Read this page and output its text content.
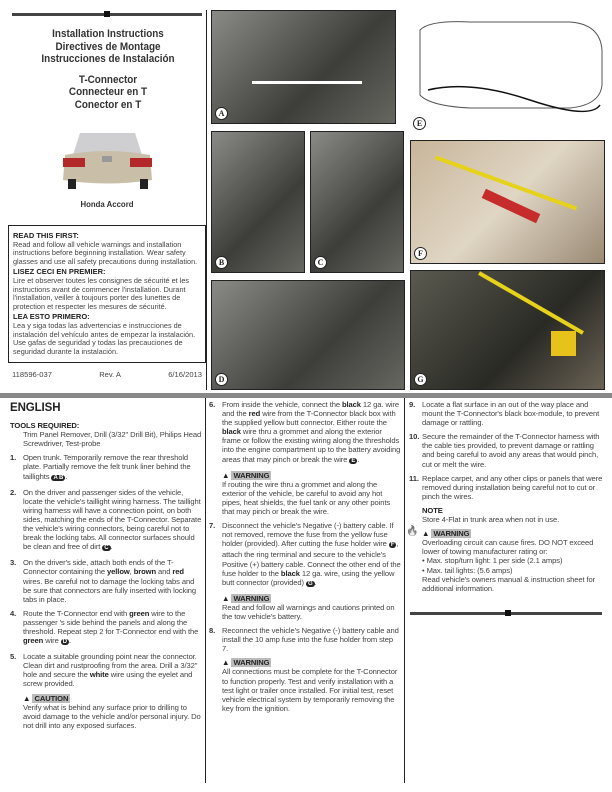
Installation Instructions
Directives de Montage
Instrucciones de Instalación
T-Connector
Connecteur en T
Conector en T
Honda Accord
READ THIS FIRST:
Read and follow all vehicle warnings and installation instructions before beginning installation. Wear safety glasses and use all safety precautions during installation.
LISEZ CECI EN PREMIER:
Lire et observer toutes les consignes de sécurité et les instructions avant de commencer l'installation. Durant l'installation, veiller à toujours porter des lunettes de protection et respecter les mesures de sécurité.
LEA ESTO PRIMERO:
Lea y siga todas las advertencias e instrucciones de instalación del vehículo antes de empezar la instalación. Use gafas de seguridad y todas las precauciones de seguridad durante la instalación.
118596-037	Rev. A	6/16/2013
A
E
B	C
F
D	G
ENGLISH
TOOLS REQUIRED:
Trim Panel Remover, Drill (3/32" Drill Bit), Philips Head Screwdriver, Test-probe
1. Open trunk. Temporarily remove the rear threshold plate. Partially remove the felt trunk liner behind the taillights A B .
2. On the driver and passenger sides of the vehicle, locate the vehicle's taillight wiring harness. The taillight wiring harness will have a connection point, on both sides, matching the ends of the T-Connector. Separate the vehicle's wiring connectors, being careful not to break the locking tabs. All connector surfaces should be clean and free of dirt C .
3. On the driver's side, attach both ends of the T-Connector containing the yellow, brown and red wires. Be careful not to damage the locking tabs and be sure that connectors are fully inserted with locking tabs in place.
4. Route the T-Connector end with green wire to the passenger 's side behind the panels and along the threshold. Repeat step 2 for T-Connector end with the green wire D .
5. Locate a suitable grounding point near the connector. Clean dirt and rustproofing from the area. Drill a 3/32" hole and secure the white wire using the eyelet and screw provided.
▲ CAUTION
Verify what is behind any surface prior to drilling to avoid damage to the vehicle and/or personal injury. Do not drill into any exposed surfaces.
6. From inside the vehicle, connect the black 12 ga. wire and the red wire from the T-Connector black box with the supplied yellow butt connector. Either route the black wire thru a grommet and along the exterior frame or follow the existing wiring along the thresholds into the engine compartment up to the battery avoiding areas that may pinch or break the wire E .
▲ WARNING
If routing the wire thru a grommet and along the exterior of the vehicle, be careful to avoid any hot pipes, heat shields, the fuel tank or any other points that may pinch or break the wire.
7. Disconnect the vehicle's Negative (-) battery cable. If not removed, remove the fuse from the yellow fuse holder (provided). After cutting the fuse holder wire F , attach the ring terminal and secure to the vehicle's Positive (+) battery cable. Connect the other end of the fuse holder to the black 12 ga. wire, using the yellow butt connector (provided) G .
▲ WARNING
Read and follow all warnings and cautions printed on the tow vehicle's battery.
8. Reconnect the vehicle's Negative (-) battery cable and install the 10 amp fuse into the fuse holder from step 7.
▲ WARNING
All connections must be complete for the T-Connector to function properly. Test and verify installation with a test light or trailer once installed. For initial test, reset vehicle electrical system by temporarily removing the key from the ignition.
9. Locate a flat surface in an out of the way place and mount the T-Connector's black box-module, to prevent damage or rattling.
10. Secure the remainder of the T-Connector harness with the cable ties provided, to prevent damage or rattling and being careful to avoid any areas that would pinch, cut or melt the wire.
11. Replace carpet, and any other clips or panels that were removed during installation being careful not to cut or pinch the wires.
NOTE
Store 4-Flat in trunk area when not in use.
🔥 ▲ WARNING
Overloading circuit can cause fires. DO NOT exceed lower of towing manufacturer rating or:
• Max. stop/turn light: 1 per side (2.1 amps)
• Max. tail lights: (5.6 amps)
Read vehicle's owners manual & instruction sheet for additional information.
